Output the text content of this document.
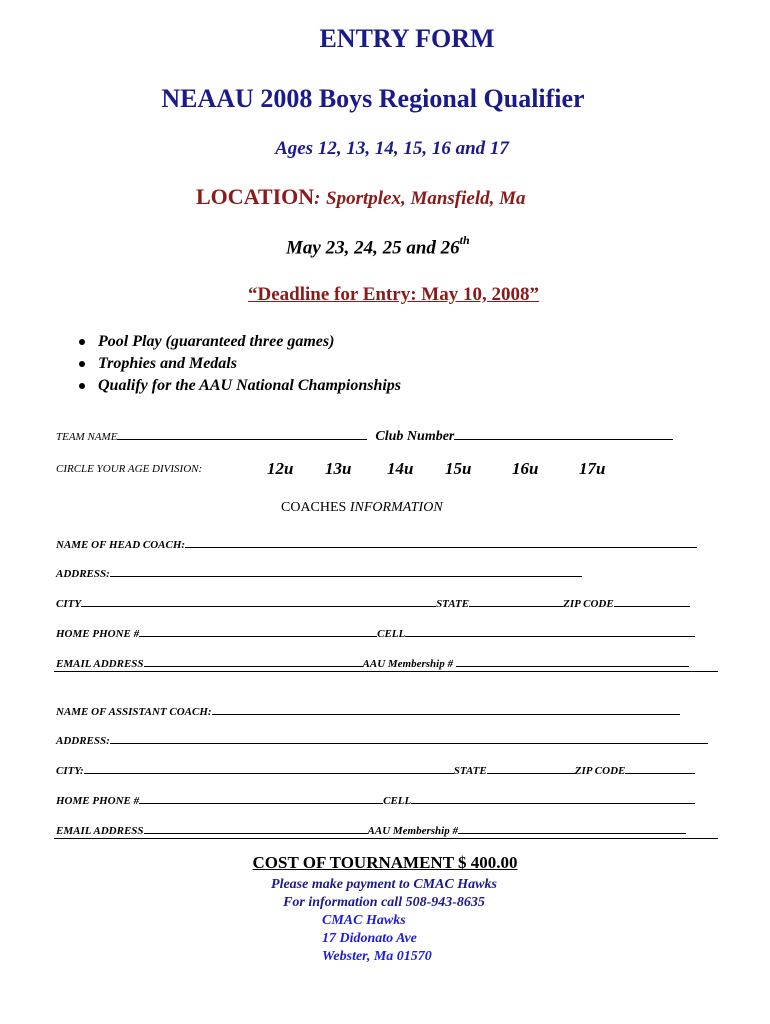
ENTRY FORM
NEAAU 2008 Boys Regional Qualifier
Ages 12, 13, 14, 15, 16 and 17
LOCATION: Sportplex, Mansfield, Ma
May 23, 24, 25 and 26th
“Deadline for Entry: May 10, 2008”
Pool Play (guaranteed three games)
Trophies and Medals
Qualify for the AAU National Championships
TEAM NAME	Club Number
CIRCLE YOUR AGE DIVISION:	12u 13u 14u 15u 16u 17u
COACHES INFORMATION
NAME OF HEAD COACH:
ADDRESS:
CITY	STATE	ZIP CODE
HOME PHONE #	CELL
EMAIL ADDRESS	AAU Membership #
NAME OF ASSISTANT COACH:
ADDRESS:
CITY:	STATE	ZIP CODE
HOME PHONE #	CELL
EMAIL ADDRESS	AAU Membership #
COST OF TOURNAMENT $ 400.00
Please make payment to CMAC Hawks
For information call 508-943-8635
CMAC Hawks
17 Didonato Ave
Webster, Ma 01570
